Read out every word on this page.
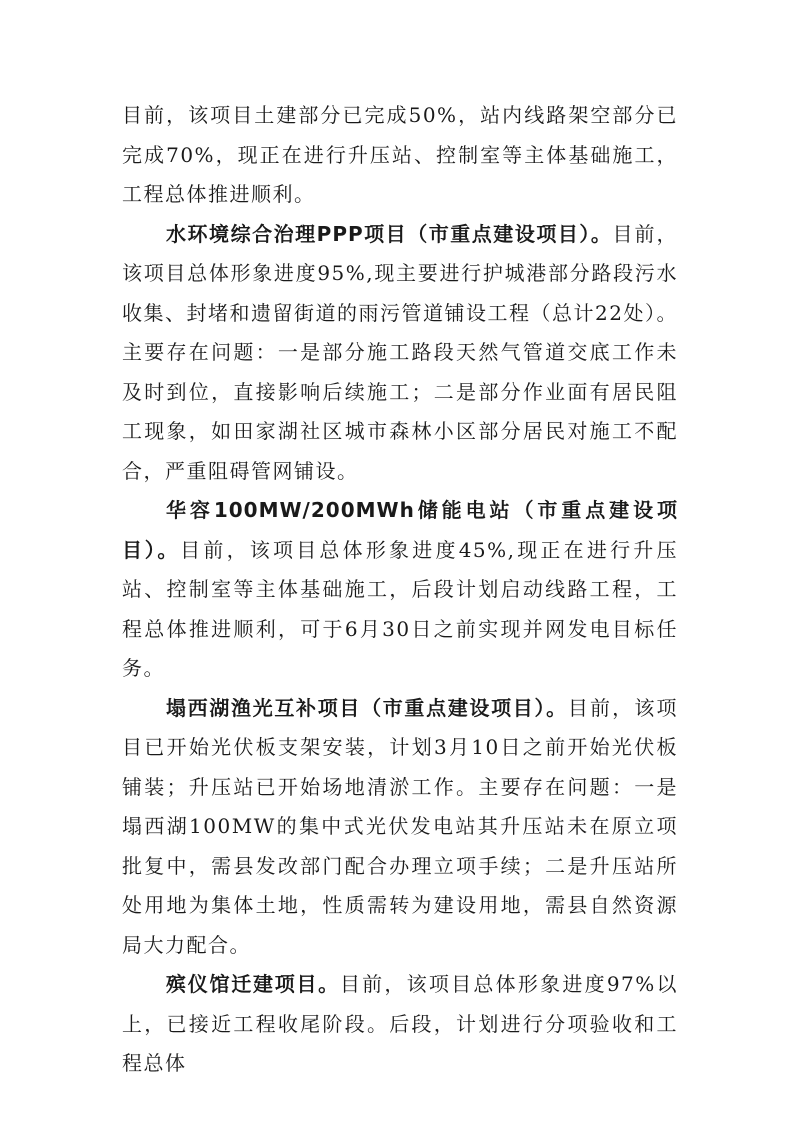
目前，该项目土建部分已完成50%，站内线路架空部分已完成70%，现正在进行升压站、控制室等主体基础施工，工程总体推进顺利。

水环境综合治理PPP项目（市重点建设项目）。目前，该项目总体形象进度95%,现主要进行护城港部分路段污水收集、封堵和遗留街道的雨污管道铺设工程（总计22处）。主要存在问题：一是部分施工路段天然气管道交底工作未及时到位，直接影响后续施工；二是部分作业面有居民阻工现象，如田家湖社区城市森林小区部分居民对施工不配合，严重阻碍管网铺设。

华容100MW/200MWh储能电站（市重点建设项目）。目前，该项目总体形象进度45%,现正在进行升压站、控制室等主体基础施工，后段计划启动线路工程，工程总体推进顺利，可于6月30日之前实现并网发电目标任务。

塌西湖渔光互补项目（市重点建设项目）。目前，该项目已开始光伏板支架安装，计划3月10日之前开始光伏板铺装；升压站已开始场地清淤工作。主要存在问题：一是塌西湖100MW的集中式光伏发电站其升压站未在原立项批复中，需县发改部门配合办理立项手续；二是升压站所处用地为集体土地，性质需转为建设用地，需县自然资源局大力配合。

殡仪馆迁建项目。目前，该项目总体形象进度97%以上，已接近工程收尾阶段。后段，计划进行分项验收和工程总体
